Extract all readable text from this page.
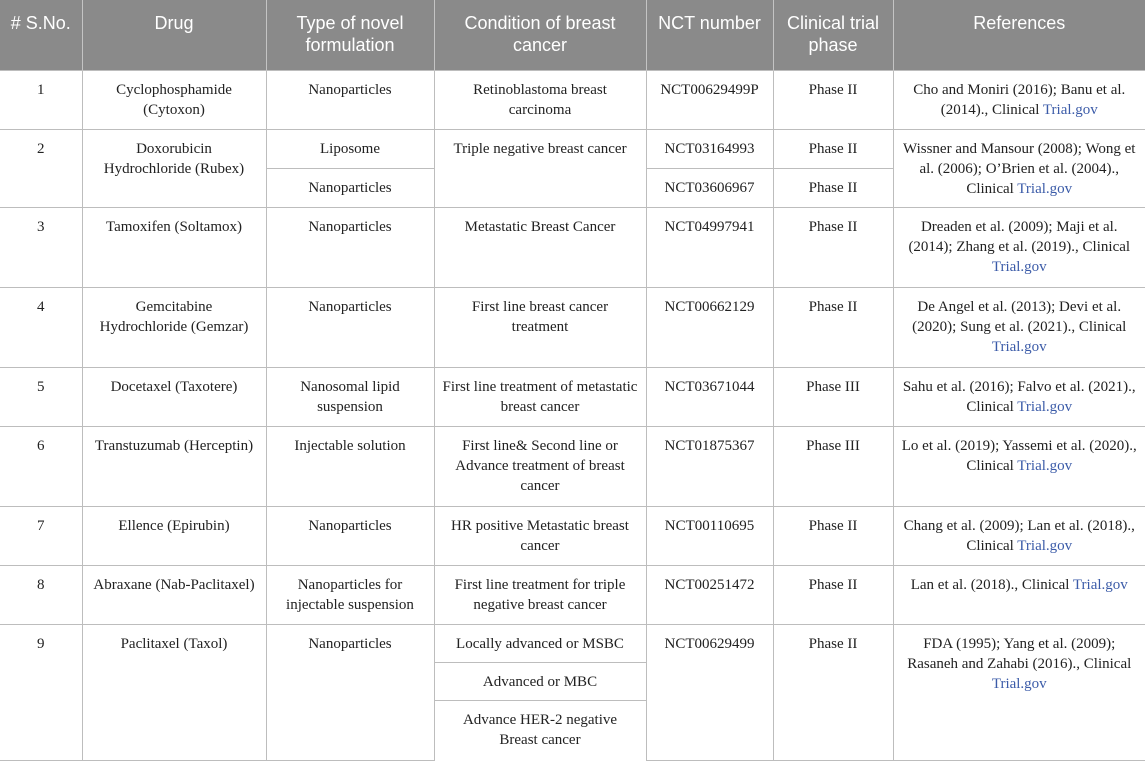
# S.No.	Drug	Type of novel formulation	Condition of breast cancer	NCT number	Clinical trial phase	References
1	Cyclophosphamide (Cytoxon)	Nanoparticles	Retinoblastoma breast carcinoma	NCT00629499P	Phase II	Cho and Moniri (2016); Banu et al. (2014)., Clinical Trial.gov
2	Doxorubicin Hydrochloride (Rubex)	Liposome	Triple negative breast cancer	NCT03164993	Phase II	Wissner and Mansour (2008); Wong et al. (2006); O’Brien et al. (2004)., Clinical Trial.gov
		Nanoparticles		NCT03606967	Phase II	
3	Tamoxifen (Soltamox)	Nanoparticles	Metastatic Breast Cancer	NCT04997941	Phase II	Dreaden et al. (2009); Maji et al. (2014); Zhang et al. (2019)., Clinical Trial.gov
4	Gemcitabine Hydrochloride (Gemzar)	Nanoparticles	First line breast cancer treatment	NCT00662129	Phase II	De Angel et al. (2013); Devi et al. (2020); Sung et al. (2021)., Clinical Trial.gov
5	Docetaxel (Taxotere)	Nanosomal lipid suspension	First line treatment of metastatic breast cancer	NCT03671044	Phase III	Sahu et al. (2016); Falvo et al. (2021)., Clinical Trial.gov
6	Transtuzumab (Herceptin)	Injectable solution	First line& Second line or Advance treatment of breast cancer	NCT01875367	Phase III	Lo et al. (2019); Yassemi et al. (2020)., Clinical Trial.gov
7	Ellence (Epirubin)	Nanoparticles	HR positive Metastatic breast cancer	NCT00110695	Phase II	Chang et al. (2009); Lan et al. (2018)., Clinical Trial.gov
8	Abraxane (Nab-Paclitaxel)	Nanoparticles for injectable suspension	First line treatment for triple negative breast cancer	NCT00251472	Phase II	Lan et al. (2018)., Clinical Trial.gov
9	Paclitaxel (Taxol)	Nanoparticles	Locally advanced or MSBC	NCT00629499	Phase II	FDA (1995); Yang et al. (2009); Rasaneh and Zahabi (2016)., Clinical Trial.gov
			Advanced or MBC			
			Advance HER-2 negative Breast cancer			
